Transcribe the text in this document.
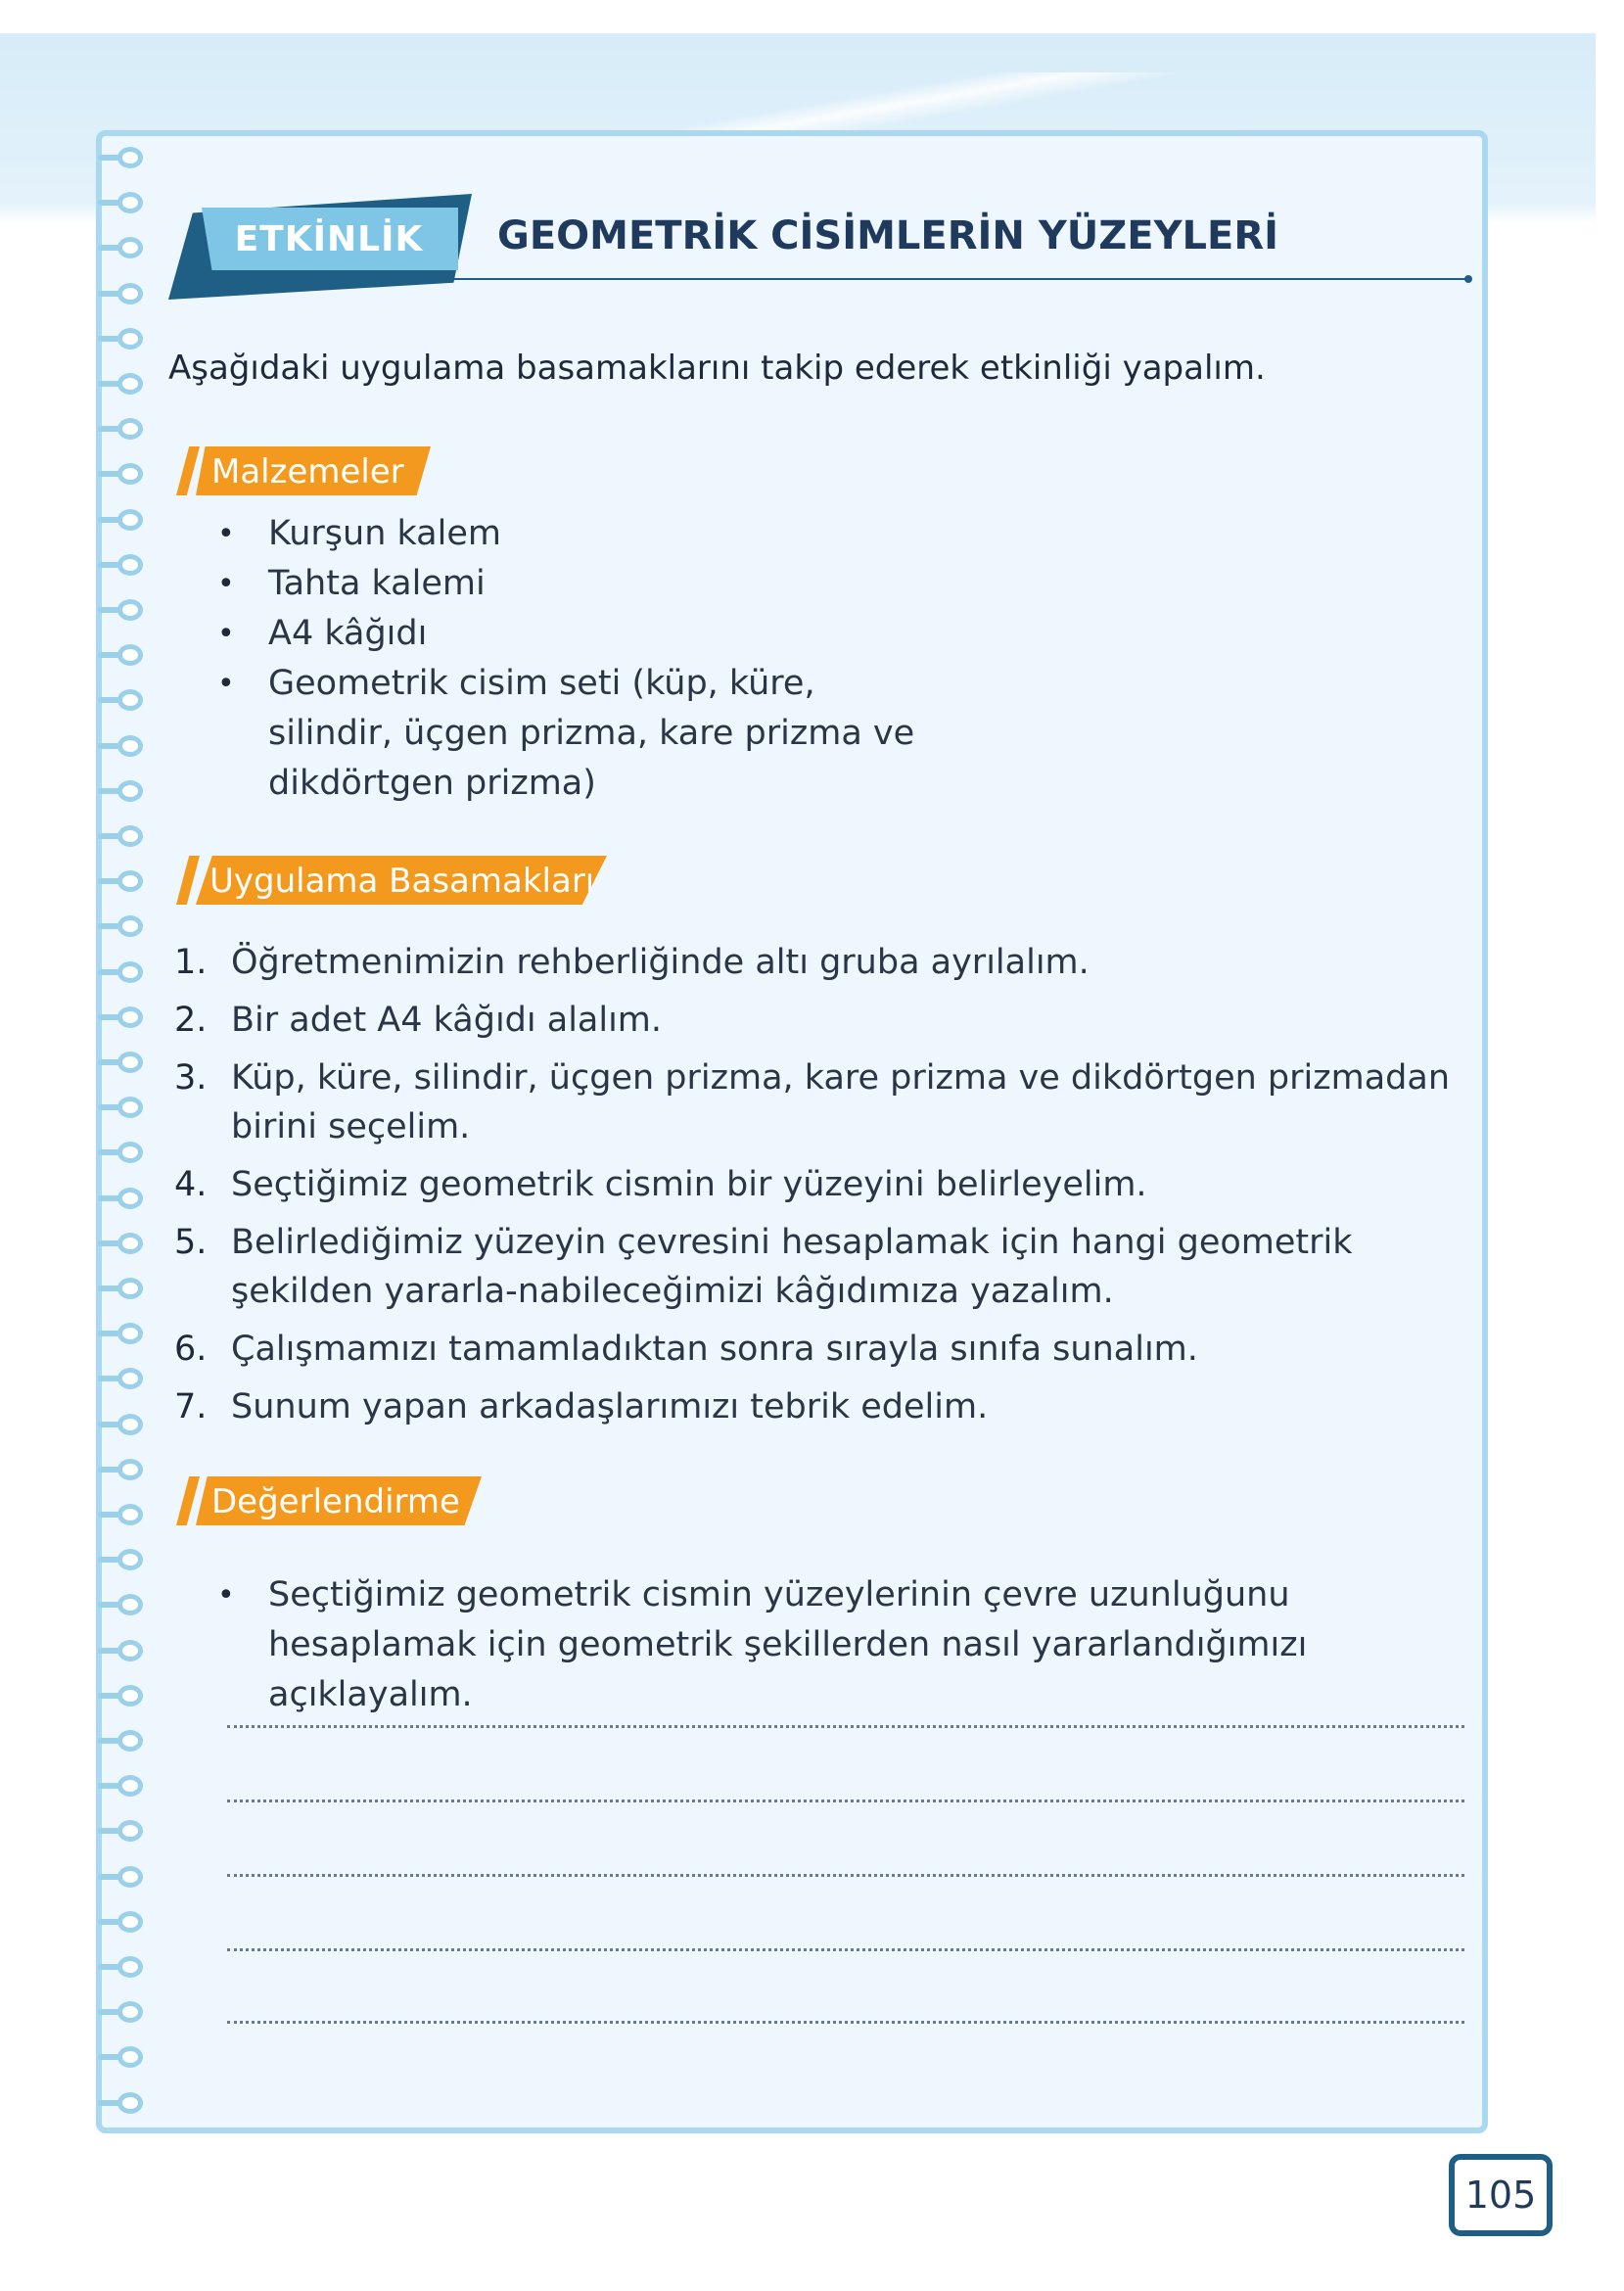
ETKİNLİK	GEOMETRİK CİSİMLERİN YÜZEYLERİ
Aşağıdaki uygulama basamaklarını takip ederek etkinliği yapalım.
Malzemeler
• Kurşun kalem
• Tahta kalemi
• A4 kâğıdı
• Geometrik cisim seti (küp, küre, silindir, üçgen prizma, kare prizma ve dikdörtgen prizma)
Uygulama Basamakları
1. Öğretmenimizin rehberliğinde altı gruba ayrılalım.
2. Bir adet A4 kâğıdı alalım.
3. Küp, küre, silindir, üçgen prizma, kare prizma ve dikdörtgen prizmadan birini seçelim.
4. Seçtiğimiz geometrik cismin bir yüzeyini belirleyelim.
5. Belirlediğimiz yüzeyin çevresini hesaplamak için hangi geometrik şekilden yararla-nabileceğimizi kâğıdımıza yazalım.
6. Çalışmamızı tamamladıktan sonra sırayla sınıfa sunalım.
7. Sunum yapan arkadaşlarımızı tebrik edelim.
Değerlendirme
• Seçtiğimiz geometrik cismin yüzeylerinin çevre uzunluğunu hesaplamak için geometrik şekillerden nasıl yararlandığımızı açıklayalım.
105
